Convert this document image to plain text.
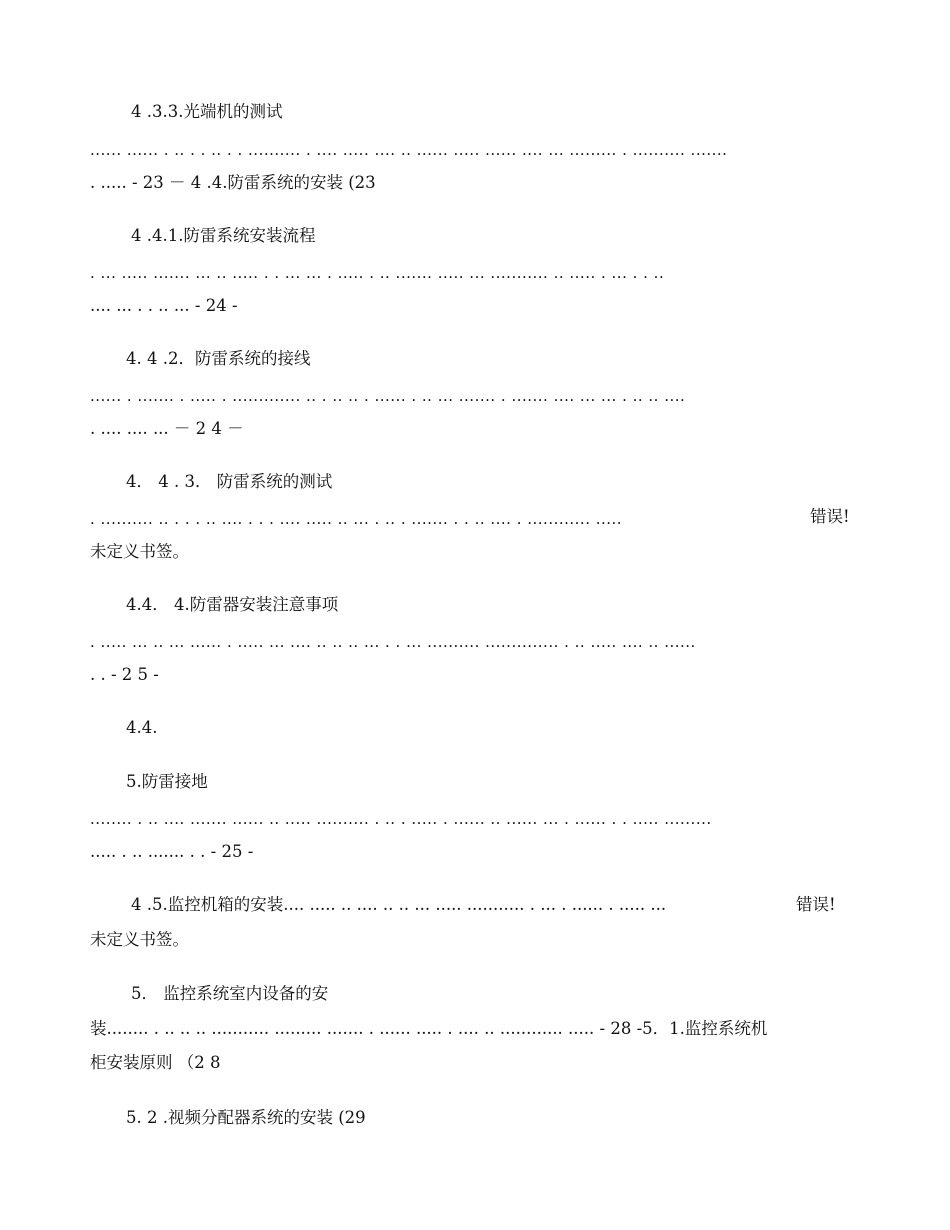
4 .3.3.光端机的测试
...... ...... . .. . . .. . . .......... . .... ..... .... .. ...... ..... ...... .... ... ......... . .......... .......
. ..... - 23 － 4 .4.防雷系统的安装 (23
4 .4.1.防雷系统安装流程
. ... ..... ....... ... .. ..... . . ... ... . ..... . .. ....... ..... ... ........... .. ..... . ... . . ..
.... ... . . .. ... - 24 -
4. 4 .2．防雷系统的接线
...... . ....... . ..... . ............. .. . .. .. . ...... . .. ... ....... . ....... .... ... ... . .. .. ....
. .... .... ... － 2 4 －
4． 4 . 3． 防雷系统的测试
. .......... .. . . . .. .... . . . .... ..... .. ... . .. . ....... . . .. .... . ............ .....	错误!
未定义书签。
4.4． 4.防雷器安装注意事项
. ..... ... .. ... ...... . ..... ... .... .. .. .. ... . . ... .......... .............. . .. ..... .... .. ......
. . - 2 5 -
4.4.
5.防雷接地
........ . .. .... ....... ...... .. ..... .......... . .. . ..... . ...... .. ...... ... . ...... . . ..... .........
..... . .. ....... . . - 25 -
4 .5.监控机箱的安装.... ..... .. .... .. .. ... ..... ........... . ... . ...... . ..... ...	错误!
未定义书签。
5． 监控系统室内设备的安
装........ . .. .. .. ........... ......... ....... . ...... ..... . .... .. ............ ..... - 28 -5．1.监控系统机
柜安装原则 （2 8
5. 2 .视频分配器系统的安装 (29
